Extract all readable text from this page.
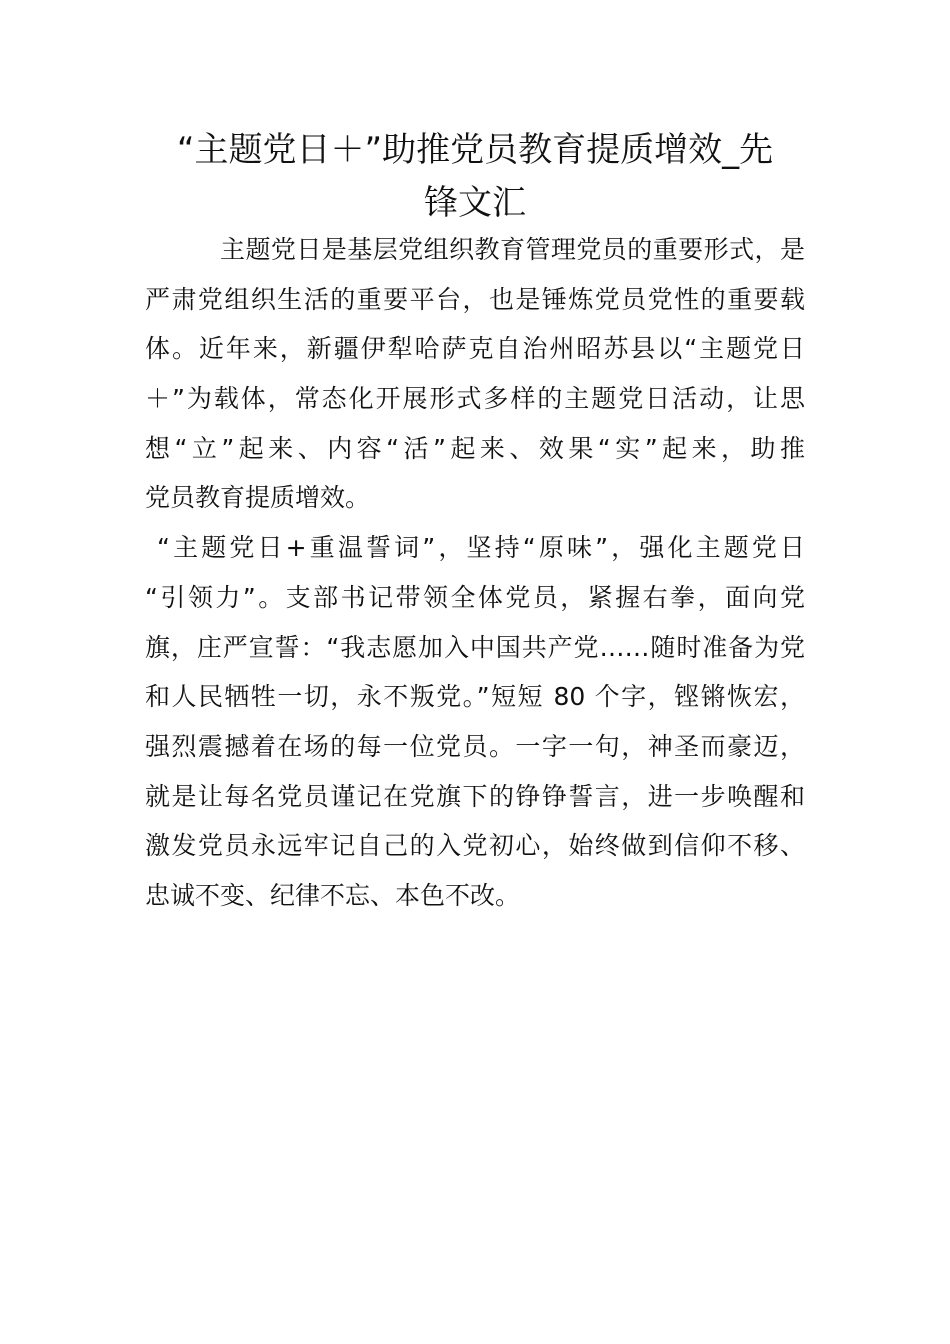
“主题党日＋”助推党员教育提质增效_先
锋文汇
主题党日是基层党组织教育管理党员的重要形式，是
严肃党组织生活的重要平台，也是锤炼党员党性的重要载
体。近年来，新疆伊犁哈萨克自治州昭苏县以“主题党日
＋”为载体，常态化开展形式多样的主题党日活动，让思
想“立”起来、内容“活”起来、效果“实”起来，助推
党员教育提质增效。
“主题党日+重温誓词”，坚持“原味”，强化主题党日
“引领力”。支部书记带领全体党员，紧握右拳，面向党
旗，庄严宣誓：“我志愿加入中国共产党……随时准备为党
和人民牺牲一切，永不叛党。”短短 80 个字，铿锵恢宏，
强烈震撼着在场的每一位党员。一字一句，神圣而豪迈，
就是让每名党员谨记在党旗下的铮铮誓言，进一步唤醒和
激发党员永远牢记自己的入党初心，始终做到信仰不移、
忠诚不变、纪律不忘、本色不改。
